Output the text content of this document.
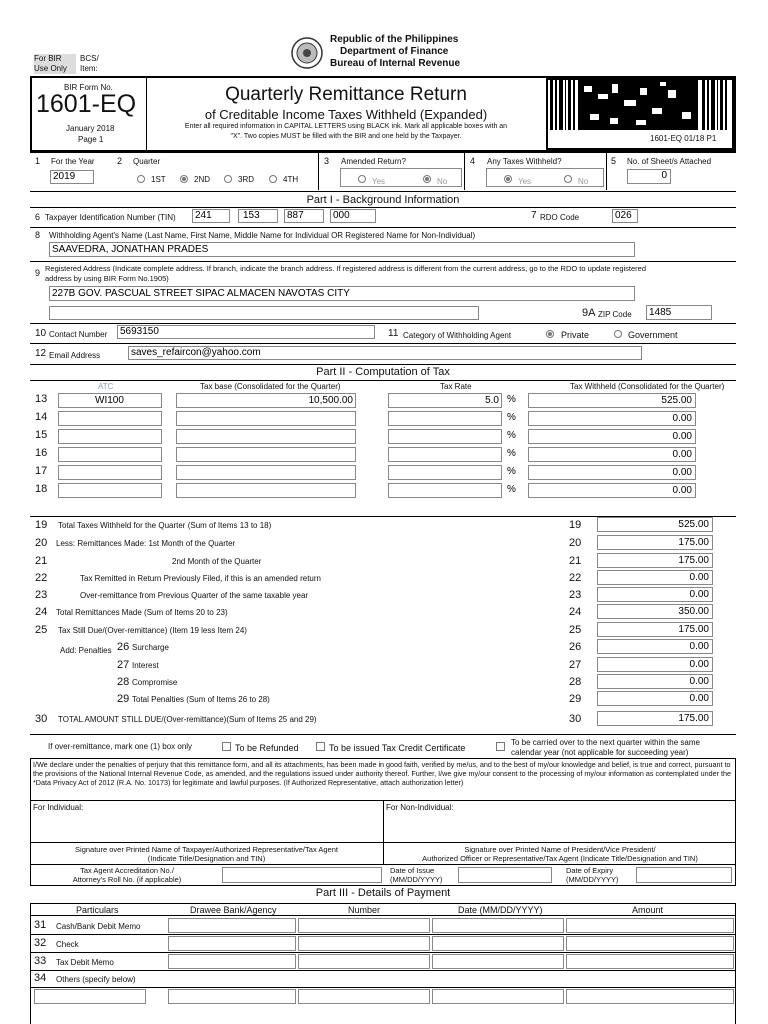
For BIR
Use Only
BCS/
Item:
Republic of the Philippines
Department of Finance
Bureau of Internal Revenue
BIR Form No.
1601-EQ
January 2018
Page 1
Quarterly Remittance Return
of Creditable Income Taxes Withheld (Expanded)
Enter all required information in CAPITAL LETTERS using BLACK ink. Mark all applicable boxes with an
"X". Two copies MUST be filled with the BIR and one held by the Taxpayer.	1601-EQ 01/18 P1
1 For the Year
2019
2 Quarter
1ST	2ND	3RD	4TH
3 Amended Return?
Yes	No
4 Any Taxes Withheld?
Yes	No
5 No. of Sheet/s Attached
0
Part I - Background Information
6 Taxpayer Identification Number (TIN) 241	153	887	000	7 RDO Code	026
8 Withholding Agent's Name (Last Name, First Name, Middle Name for Individual OR Registered Name for Non-Individual)
SAAVEDRA, JONATHAN PRADES
9 Registered Address (Indicate complete address. If branch, indicate the branch address. If registered address is different from the current address, go to the RDO to update registered
address by using BIR Form No.1905)
227B GOV. PASCUAL STREET SIPAC ALMACEN NAVOTAS CITY
9A ZIP Code 1485
10 Contact Number 5693150	11 Category of Withholding Agent	Private	Government
12 Email Address	saves_refaircon@yahoo.com
Part II - Computation of Tax
ATC	Tax base (Consolidated for the Quarter)	Tax Rate	Tax Withheld (Consolidated for the Quarter)
13	WI100	10,500.00	5.0 %	525.00
14	%	0.00
15	%	0.00
16	%	0.00
17	%	0.00
18	%	0.00
19 Total Taxes Withheld for the Quarter (Sum of Items 13 to 18)	19	525.00
20 Less: Remittances Made: 1st Month of the Quarter	20	175.00
21	2nd Month of the Quarter	21	175.00
22	Tax Remitted in Return Previously Filed, if this is an amended return	22	0.00
23	Over-remittance from Previous Quarter of the same taxable year	23	0.00
24 Total Remittances Made (Sum of Items 20 to 23)	24	350.00
25 Tax Still Due/(Over-remittance) (Item 19 less Item 24)	25	175.00
26 Surcharge	26	0.00
27 Interest	27	0.00
28 Compromise	28	0.00
29 Total Penalties (Sum of Items 26 to 28)	29	0.00
30 TOTAL AMOUNT STILL DUE/(Over-remittance)(Sum of Items 25 and 29)	30	175.00
Add: Penalties
If over-remittance, mark one (1) box only	To be Refunded	To be issued Tax Credit Certificate
To be carried over to the next quarter within the same
calendar year (not applicable for succeeding year)
I/We declare under the penalties of perjury that this remittance form, and all its attachments, has been made in good faith, verified by me/us, and to the best of my/our knowledge and belief, is true and correct, pursuant to the provisions of the National Internal Revenue Code, as amended, and the regulations issued under authority thereof. Further, I/we give my/our consent to the processing of my/our information as contemplated under the *Data Privacy Act of 2012 (R.A. No. 10173) for legitimate and lawful purposes. (If Authorized Representative, attach authorization letter)
For Individual:	For Non-Individual:
Signature over Printed Name of Taxpayer/Authorized Representative/Tax Agent
(Indicate Title/Designation and TIN)
Signature over Printed Name of President/Vice President/
Authorized Officer or Representative/Tax Agent (Indicate Title/Designation and TIN)
Tax Agent Accreditation No./
Attorney's Roll No. (if applicable)
Date of Issue
(MM/DD/YYYY)
Date of Expiry
(MM/DD/YYYY)
Part III - Details of Payment
Particulars	Drawee Bank/Agency	Number	Date (MM/DD/YYYY)	Amount
31 Cash/Bank Debit Memo
32 Check
33 Tax Debit Memo
34 Others (specify below)
